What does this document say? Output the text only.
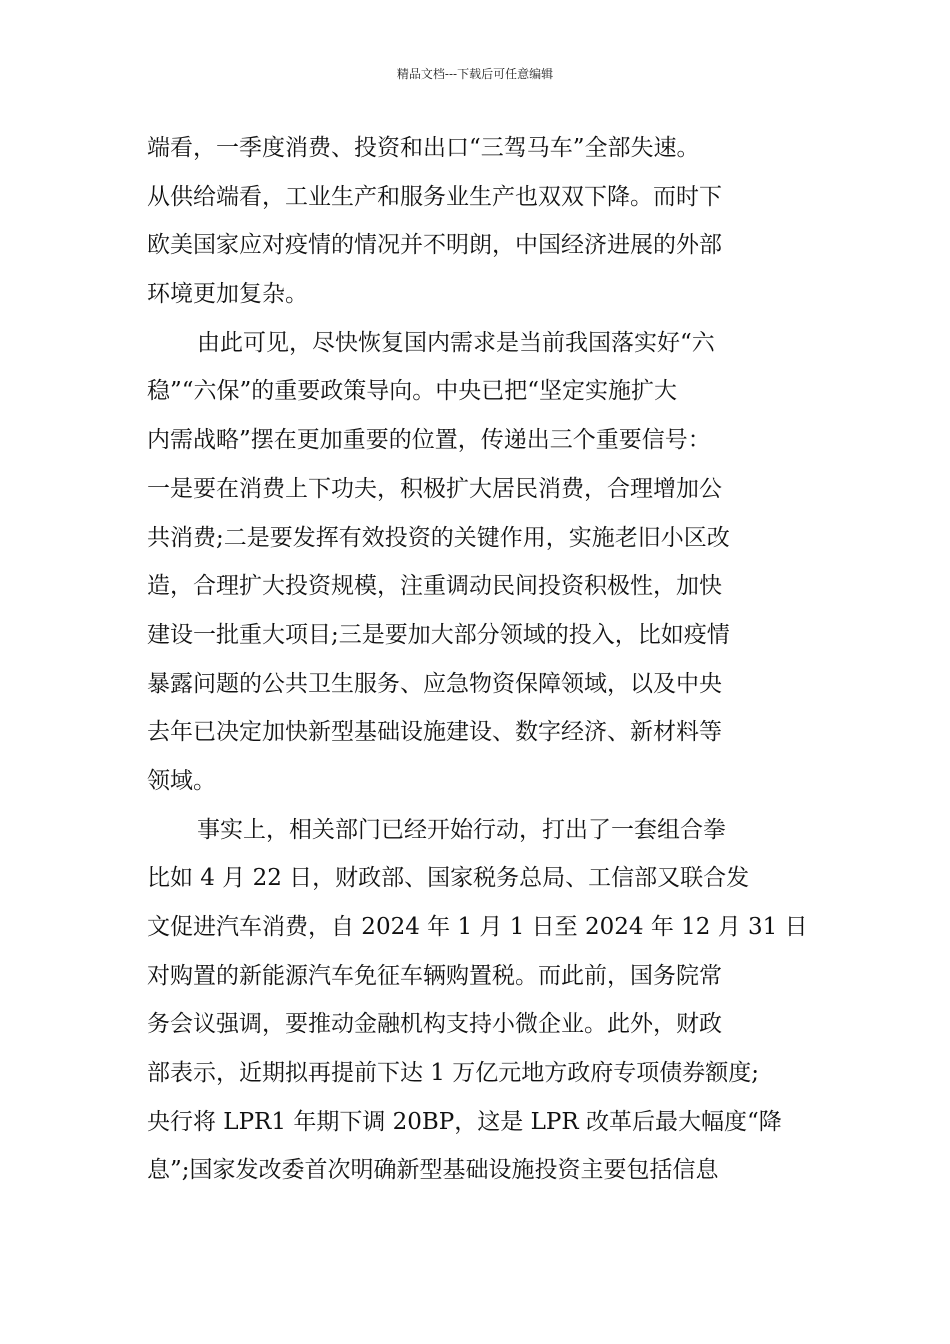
精品文档---下载后可任意编辑
端看，一季度消费、投资和出口“三驾马车”全部失速。
从供给端看，工业生产和服务业生产也双双下降。而时下
欧美国家应对疫情的情况并不明朗，中国经济进展的外部
环境更加复杂。
由此可见，尽快恢复国内需求是当前我国落实好“六
稳”“六保”的重要政策导向。中央已把“坚定实施扩大
内需战略”摆在更加重要的位置，传递出三个重要信号：
一是要在消费上下功夫，积极扩大居民消费，合理增加公
共消费;二是要发挥有效投资的关键作用，实施老旧小区改
造，合理扩大投资规模，注重调动民间投资积极性，加快
建设一批重大项目;三是要加大部分领域的投入，比如疫情
暴露问题的公共卫生服务、应急物资保障领域，以及中央
去年已决定加快新型基础设施建设、数字经济、新材料等
领域。
事实上，相关部门已经开始行动，打出了一套组合拳
比如 4 月 22 日，财政部、国家税务总局、工信部又联合发
文促进汽车消费，自 2024 年 1 月 1 日至 2024 年 12 月 31 日
对购置的新能源汽车免征车辆购置税。而此前，国务院常
务会议强调，要推动金融机构支持小微企业。此外，财政
部表示，近期拟再提前下达 1 万亿元地方政府专项债券额度;
央行将 LPR1 年期下调 20BP，这是 LPR 改革后最大幅度“降
息”;国家发改委首次明确新型基础设施投资主要包括信息
